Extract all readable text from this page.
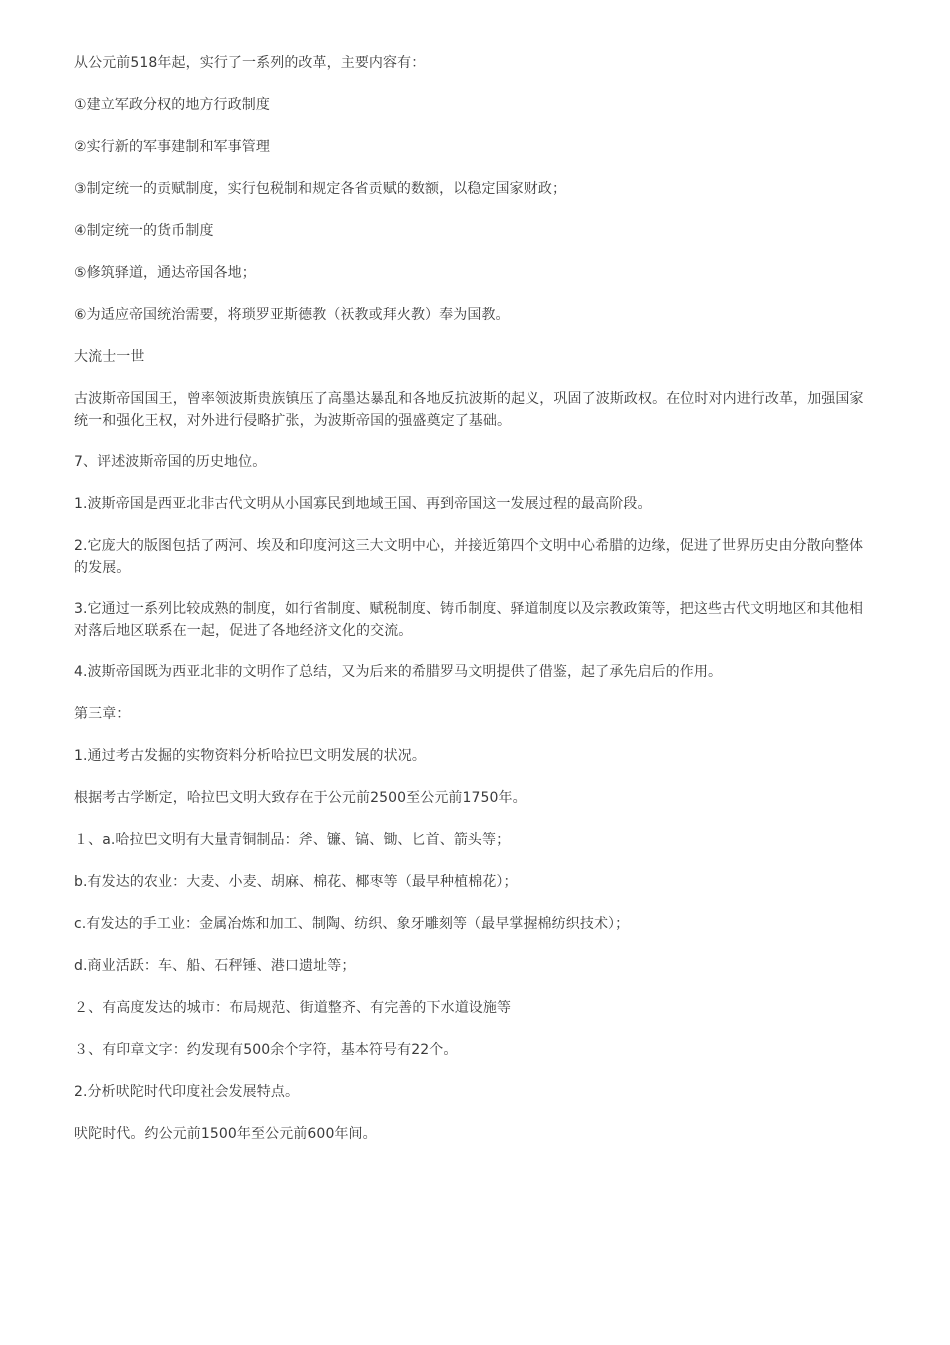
从公元前518年起，实行了一系列的改革，主要内容有：

①建立军政分权的地方行政制度

②实行新的军事建制和军事管理

③制定统一的贡赋制度，实行包税制和规定各省贡赋的数额，以稳定国家财政；

④制定统一的货币制度

⑤修筑驿道，通达帝国各地；

⑥为适应帝国统治需要，将琐罗亚斯德教（祆教或拜火教）奉为国教。

大流士一世

古波斯帝国国王，曾率领波斯贵族镇压了高墨达暴乱和各地反抗波斯的起义，巩固了波斯政权。在位时对内进行改革，加强国家统一和强化王权，对外进行侵略扩张，为波斯帝国的强盛奠定了基础。

7、评述波斯帝国的历史地位。

1.波斯帝国是西亚北非古代文明从小国寡民到地域王国、再到帝国这一发展过程的最高阶段。

2.它庞大的版图包括了两河、埃及和印度河这三大文明中心，并接近第四个文明中心希腊的边缘，促进了世界历史由分散向整体的发展。

3.它通过一系列比较成熟的制度，如行省制度、赋税制度、铸币制度、驿道制度以及宗教政策等，把这些古代文明地区和其他相对落后地区联系在一起，促进了各地经济文化的交流。

4.波斯帝国既为西亚北非的文明作了总结，又为后来的希腊罗马文明提供了借鉴，起了承先启后的作用。

第三章：

1.通过考古发掘的实物资料分析哈拉巴文明发展的状况。

根据考古学断定，哈拉巴文明大致存在于公元前2500至公元前1750年。

１、a.哈拉巴文明有大量青铜制品：斧、镰、镐、锄、匕首、箭头等；

b.有发达的农业：大麦、小麦、胡麻、棉花、椰枣等（最早种植棉花）；

c.有发达的手工业：金属冶炼和加工、制陶、纺织、象牙雕刻等（最早掌握棉纺织技术）；

d.商业活跃：车、船、石秤锤、港口遗址等；

２、有高度发达的城市：布局规范、街道整齐、有完善的下水道设施等

３、有印章文字：约发现有500余个字符，基本符号有22个。

2.分析吠陀时代印度社会发展特点。

吠陀时代。约公元前1500年至公元前600年间。
